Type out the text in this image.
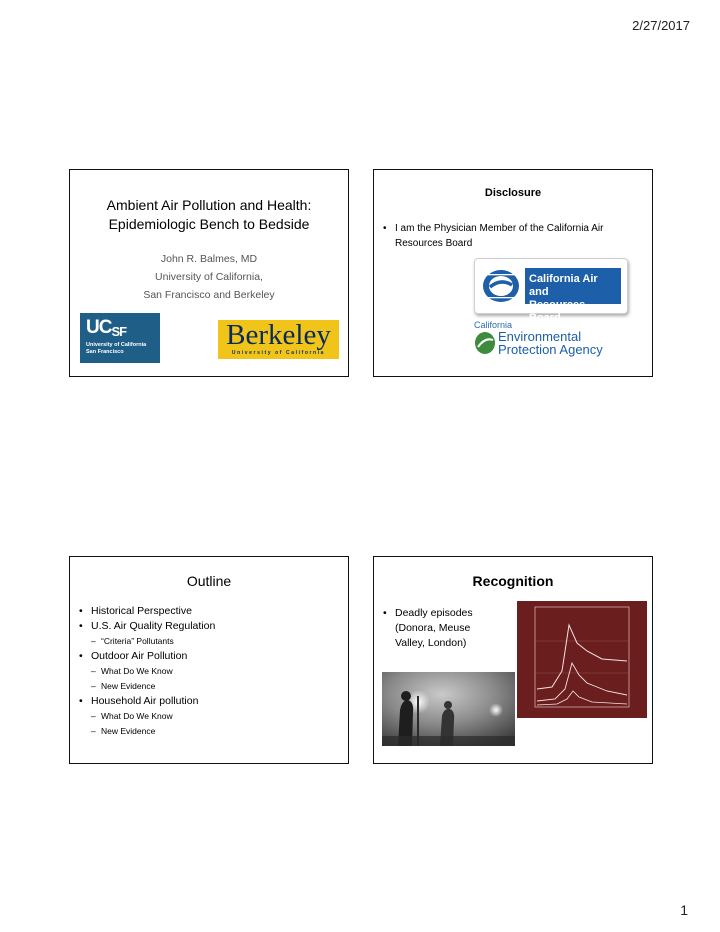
2/27/2017
Ambient Air Pollution and Health:
Epidemiologic Bench to Bedside
John R. Balmes, MD
University of California,
San Francisco and Berkeley
$UC_{SF}$
University of California
San Francisco
Berkeley
University of California
Disclosure
• I am the Physician Member of the California Air Resources Board
California Air and
Resources Board
California
Environmental
Protection Agency
Outline
• Historical Perspective
• U.S. Air Quality Regulation
– “Criteria” Pollutants
• Outdoor Air Pollution
– What Do We Know
– New Evidence
• Household Air pollution
– What Do We Know
– New Evidence
Recognition
• Deadly episodes (Donora, Meuse Valley, London)
1
